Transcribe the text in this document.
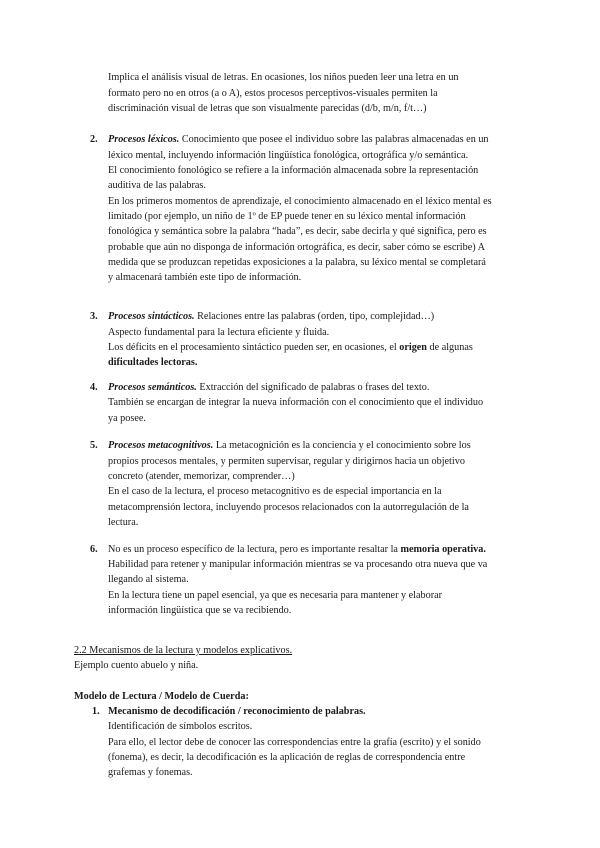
Implica el análisis visual de letras. En ocasiones, los niños pueden leer una letra en un
formato pero no en otros (a o A), estos procesos perceptivos-visuales permiten la
discriminación visual de letras que son visualmente parecidas (d/b, m/n, f/t…)
2. Procesos léxicos. Conocimiento que posee el individuo sobre las palabras almacenadas en un
léxico mental, incluyendo información lingüística fonológica, ortográfica y/o semántica.
El conocimiento fonológico se refiere a la información almacenada sobre la representación
auditiva de las palabras.
En los primeros momentos de aprendizaje, el conocimiento almacenado en el léxico mental es
limitado (por ejemplo, un niño de 1º de EP puede tener en su léxico mental información
fonológica y semántica sobre la palabra “hada”, es decir, sabe decirla y qué significa, pero es
probable que aún no disponga de información ortográfica, es decir, saber cómo se escribe) A
medida que se produzcan repetidas exposiciones a la palabra, su léxico mental se completará
y almacenará también este tipo de información.
3. Procesos sintácticos. Relaciones entre las palabras (orden, tipo, complejidad…)
Aspecto fundamental para la lectura eficiente y fluida.
Los déficits en el procesamiento sintáctico pueden ser, en ocasiones, el origen de algunas
dificultades lectoras.
4. Procesos semánticos. Extracción del significado de palabras o frases del texto.
También se encargan de integrar la nueva información con el conocimiento que el individuo
ya posee.
5. Procesos metacognitivos. La metacognición es la conciencia y el conocimiento sobre los
propios procesos mentales, y permiten supervisar, regular y dirigirnos hacia un objetivo
concreto (atender, memorizar, comprender…)
En el caso de la lectura, el proceso metacognitivo es de especial importancia en la
metacomprensión lectora, incluyendo procesos relacionados con la autorregulación de la
lectura.
6. No es un proceso específico de la lectura, pero es importante resaltar la memoria operativa.
Habilidad para retener y manipular información mientras se va procesando otra nueva que va
llegando al sistema.
En la lectura tiene un papel esencial, ya que es necesaria para mantener y elaborar
información lingüística que se va recibiendo.
2.2 Mecanismos de la lectura y modelos explicativos.
Ejemplo cuento abuelo y niña.
Modelo de Lectura / Modelo de Cuerda:
1. Mecanismo de decodificación / reconocimiento de palabras.
Identificación de símbolos escritos.
Para ello, el lector debe de conocer las correspondencias entre la grafía (escrito) y el sonido
(fonema), es decir, la decodificación es la aplicación de reglas de correspondencia entre
grafemas y fonemas.
